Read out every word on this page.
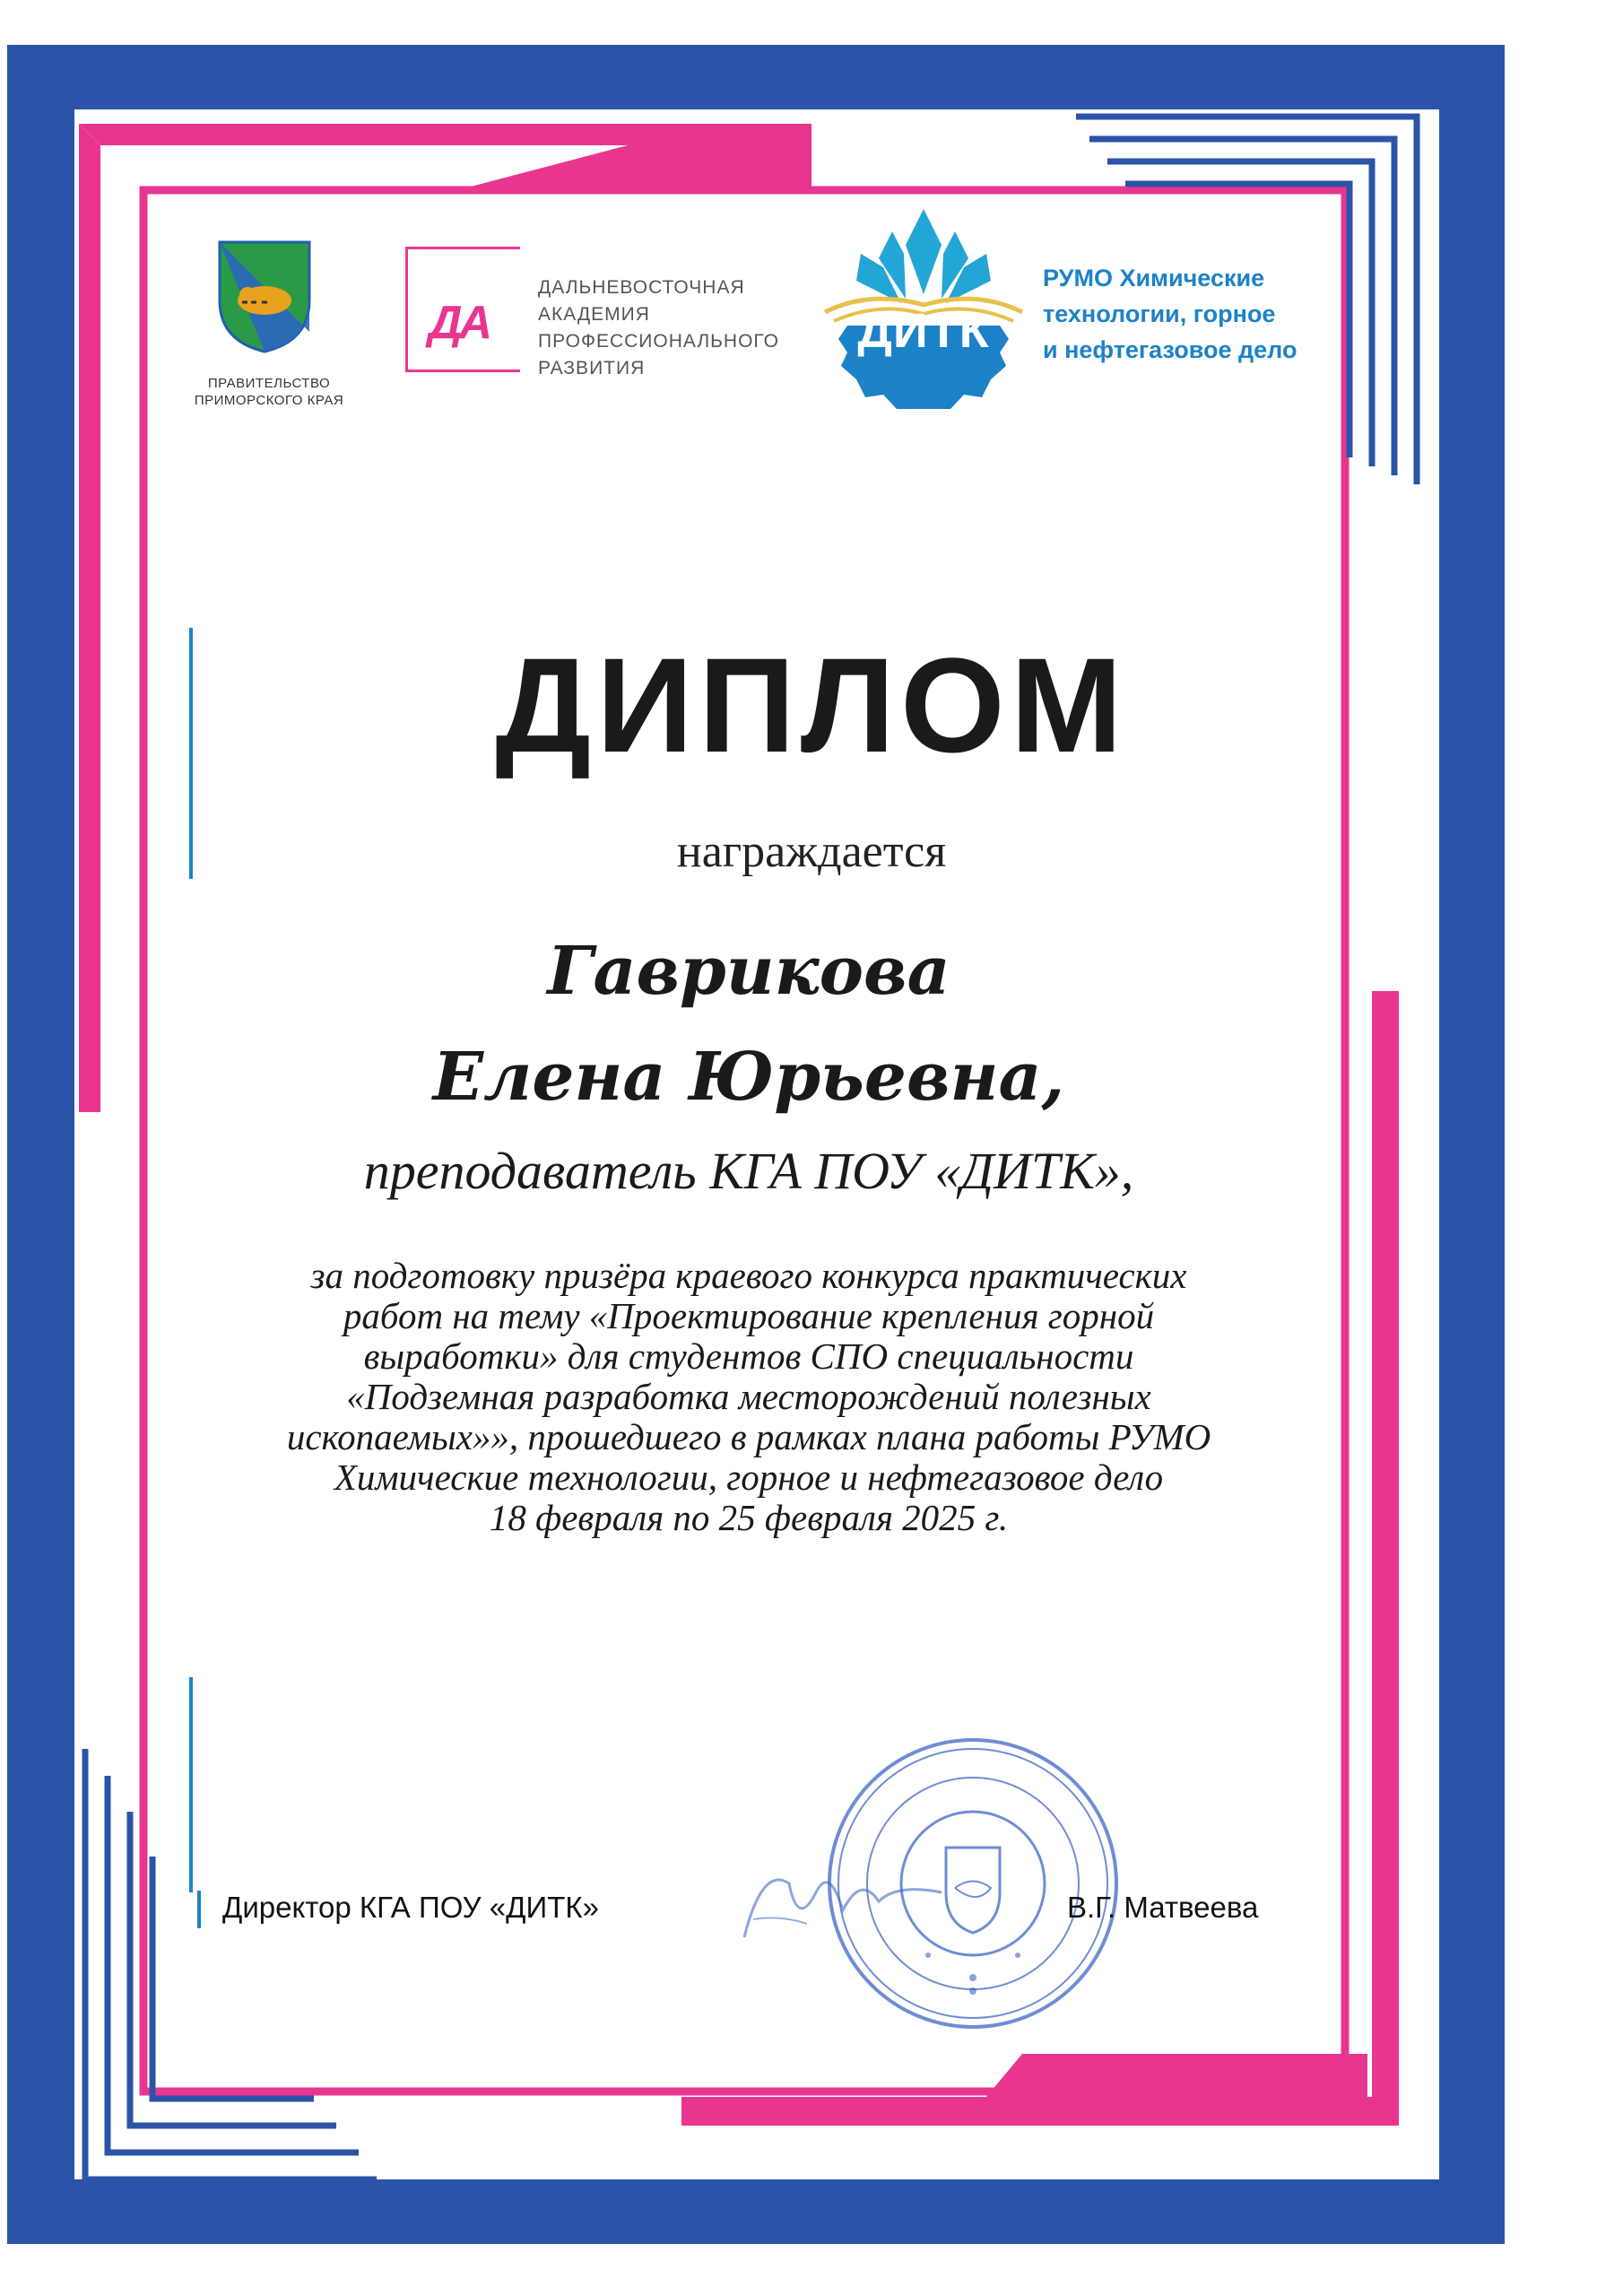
ПРАВИТЕЛЬСТВО
ПРИМОРСКОГО КРАЯ
ДА
ДАЛЬНЕВОСТОЧНАЯ
АКАДЕМИЯ
ПРОФЕССИОНАЛЬНОГО
РАЗВИТИЯ
ДИТК
РУМО Химические
технологии, горное
и нефтегазовое дело
ДИПЛОМ
награждается
Гаврикова
Елена Юрьевна,
преподаватель КГА ПОУ «ДИТК»,
за подготовку призёра краевого конкурса практических
работ на тему «Проектирование крепления горной
выработки» для студентов СПО специальности
«Подземная разработка месторождений полезных
ископаемых»», прошедшего в рамках плана работы РУМО
Химические технологии, горное и нефтегазовое дело
18 февраля по 25 февраля 2025 г.
Директор КГА ПОУ «ДИТК»	В.Г. Матвеева
